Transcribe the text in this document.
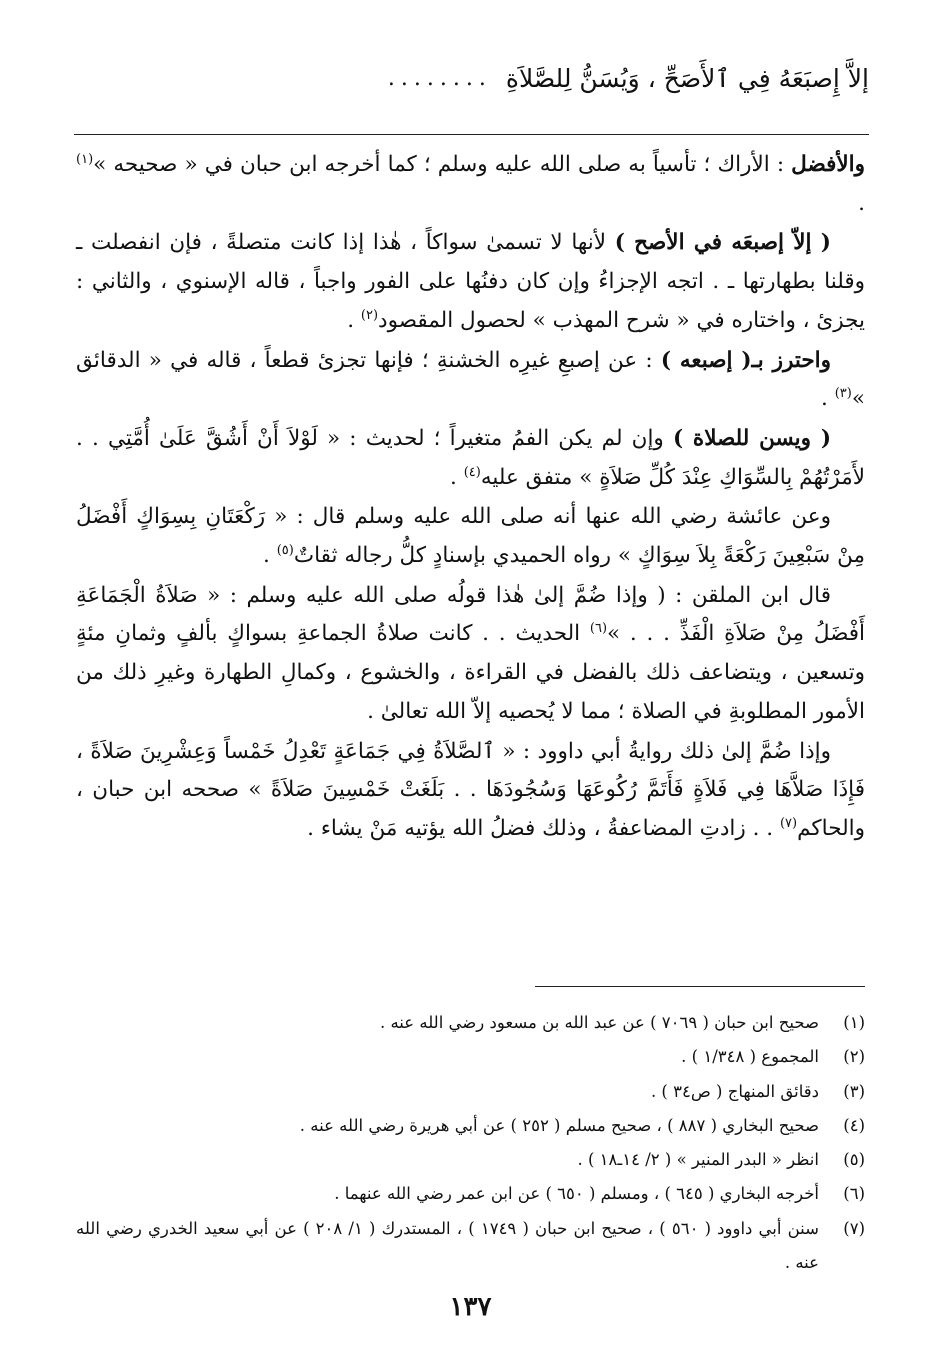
إلاَّ إِصبَعَهُ فِي ٱلأَصَحِّ ، وَيُسَنُّ لِلصَّلاَةِ
........

والأفضل : الأراك ؛ تأسياً به صلى الله عليه وسلم ؛ كما أخرجه ابن حبان في « صحيحه »$^{(١)}$ .

( إلاّ إصبعَه في الأصح ) لأنها لا تسمىٰ سواكاً ، هٰذا إذا كانت متصلةً ، فإن انفصلت ـ وقلنا بطهارتها ـ . اتجه الإجزاءُ وإن كان دفنُها على الفور واجباً ، قاله الإسنوي ، والثاني : يجزئ ، واختاره في « شرح المهذب » لحصول المقصود$^{(٢)}$ .

واحترز بـ( إصبعه ) : عن إصبعِ غيرِه الخشنةِ ؛ فإنها تجزئ قطعاً ، قاله في « الدقائق »$^{(٣)}$ .

( ويسن للصلاة ) وإن لم يكن الفمُ متغيراً ؛ لحديث : « لَوْلاَ أَنْ أَشُقَّ عَلَىٰ أُمَّتِي . . لأَمَرْتُهُمْ بِالسِّوَاكِ عِنْدَ كُلِّ صَلاَةٍ » متفق عليه$^{(٤)}$ .

وعن عائشة رضي الله عنها أنه صلى الله عليه وسلم قال : « رَكْعَتَانِ بِسِوَاكٍ أَفْضَلُ مِنْ سَبْعِينَ رَكْعَةً بِلاَ سِوَاكٍ » رواه الحميدي بإسنادٍ كلُّ رجاله ثقاتٌ$^{(٥)}$ .

قال ابن الملقن : ( وإذا ضُمَّ إلىٰ هٰذا قولُه صلى الله عليه وسلم : « صَلاَةُ الْجَمَاعَةِ أَفْضَلُ مِنْ صَلاَةِ الْفَذِّ . . . »$^{(٦)}$ الحديث . . كانت صلاةُ الجماعةِ بسواكٍ بألفٍ وثمانِ مئةٍ وتسعين ، ويتضاعف ذلك بالفضل في القراءة ، والخشوع ، وكمالِ الطهارة وغيرِ ذلك من الأمور المطلوبةِ في الصلاة ؛ مما لا يُحصيه إلاّ الله تعالىٰ .

وإذا ضُمَّ إلىٰ ذلك روايةُ أبي داوود : « ٱلصَّلاَةُ فِي جَمَاعَةٍ تَعْدِلُ خَمْساً وَعِشْرِينَ صَلاَةً ، فَإِذَا صَلاَّهَا فِي فَلاَةٍ فَأَتَمَّ رُكُوعَهَا وَسُجُودَهَا . . بَلَغَتْ خَمْسِينَ صَلاَةً » صححه ابن حبان ، والحاكم$^{(٧)}$ . . زادتِ المضاعفةُ ، وذلك فضلُ الله يؤتيه مَنْ يشاء .

(١)
صحيح ابن حبان ( ٧٠٦٩ ) عن عبد الله بن مسعود رضي الله عنه .
(٢)
المجموع ( ١/٣٤٨ ) .
(٣)
دقائق المنهاج ( ص٣٤ ) .
(٤)
صحيح البخاري ( ٨٨٧ ) ، صحيح مسلم ( ٢٥٢ ) عن أبي هريرة رضي الله عنه .
(٥)
انظر « البدر المنير » ( ٢/ ١٤ـ١٨ ) .
(٦)
أخرجه البخاري ( ٦٤٥ ) ، ومسلم ( ٦٥٠ ) عن ابن عمر رضي الله عنهما .
(٧)
سنن أبي داوود ( ٥٦٠ ) ، صحيح ابن حبان ( ١٧٤٩ ) ، المستدرك ( ١/ ٢٠٨ ) عن أبي سعيد الخدري رضي الله عنه .
١٣٧
